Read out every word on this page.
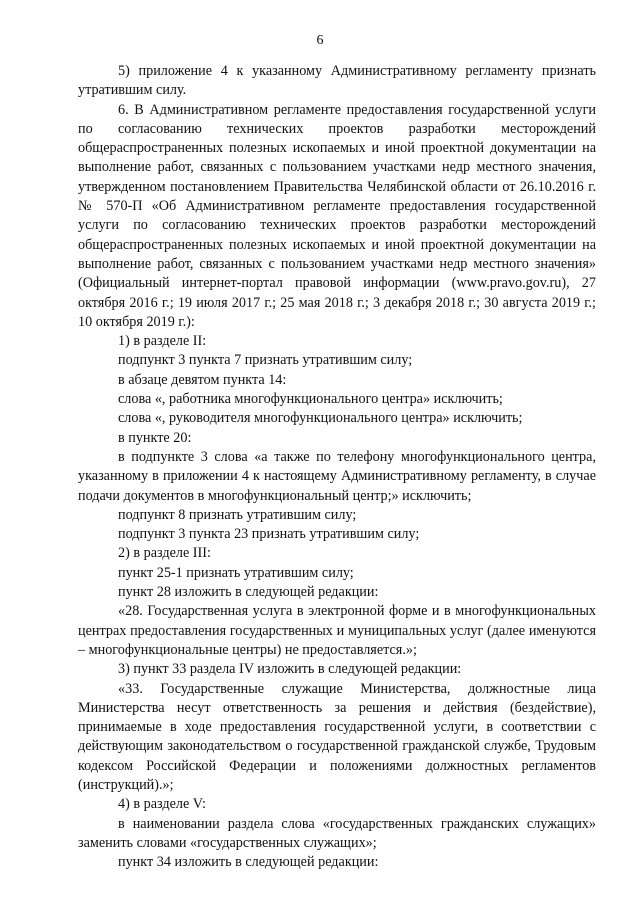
6

5) приложение 4 к указанному Административному регламенту признать утратившим силу.

6. В Административном регламенте предоставления государственной услуги по согласованию технических проектов разработки месторождений общераспространенных полезных ископаемых и иной проектной документации на выполнение работ, связанных с пользованием участками недр местного значения, утвержденном постановлением Правительства Челябинской области от 26.10.2016 г. № 570-П «Об Административном регламенте предоставления государственной услуги по согласованию технических проектов разработки месторождений общераспространенных полезных ископаемых и иной проектной документации на выполнение работ, связанных с пользованием участками недр местного значения» (Официальный интернет-портал правовой информации (www.pravo.gov.ru), 27 октября 2016 г.; 19 июля 2017 г.; 25 мая 2018 г.; 3 декабря 2018 г.; 30 августа 2019 г.; 10 октября 2019 г.):

1) в разделе II:

подпункт 3 пункта 7 признать утратившим силу;

в абзаце девятом пункта 14:

слова «, работника многофункционального центра» исключить;

слова «, руководителя многофункционального центра» исключить;

в пункте 20:

в подпункте 3 слова «а также по телефону многофункционального центра, указанному в приложении 4 к настоящему Административному регламенту, в случае подачи документов в многофункциональный центр;» исключить;

подпункт 8 признать утратившим силу;

подпункт 3 пункта 23 признать утратившим силу;

2) в разделе III:

пункт 25-1 признать утратившим силу;

пункт 28 изложить в следующей редакции:

«28. Государственная услуга в электронной форме и в многофункциональных центрах предоставления государственных и муниципальных услуг (далее именуются – многофункциональные центры) не предоставляется.»;

3) пункт 33 раздела IV изложить в следующей редакции:

«33. Государственные служащие Министерства, должностные лица Министерства несут ответственность за решения и действия (бездействие), принимаемые в ходе предоставления государственной услуги, в соответствии с действующим законодательством о государственной гражданской службе, Трудовым кодексом Российской Федерации и положениями должностных регламентов (инструкций).»;

4) в разделе V:

в наименовании раздела слова «государственных гражданских служащих» заменить словами «государственных служащих»;

пункт 34 изложить в следующей редакции:
